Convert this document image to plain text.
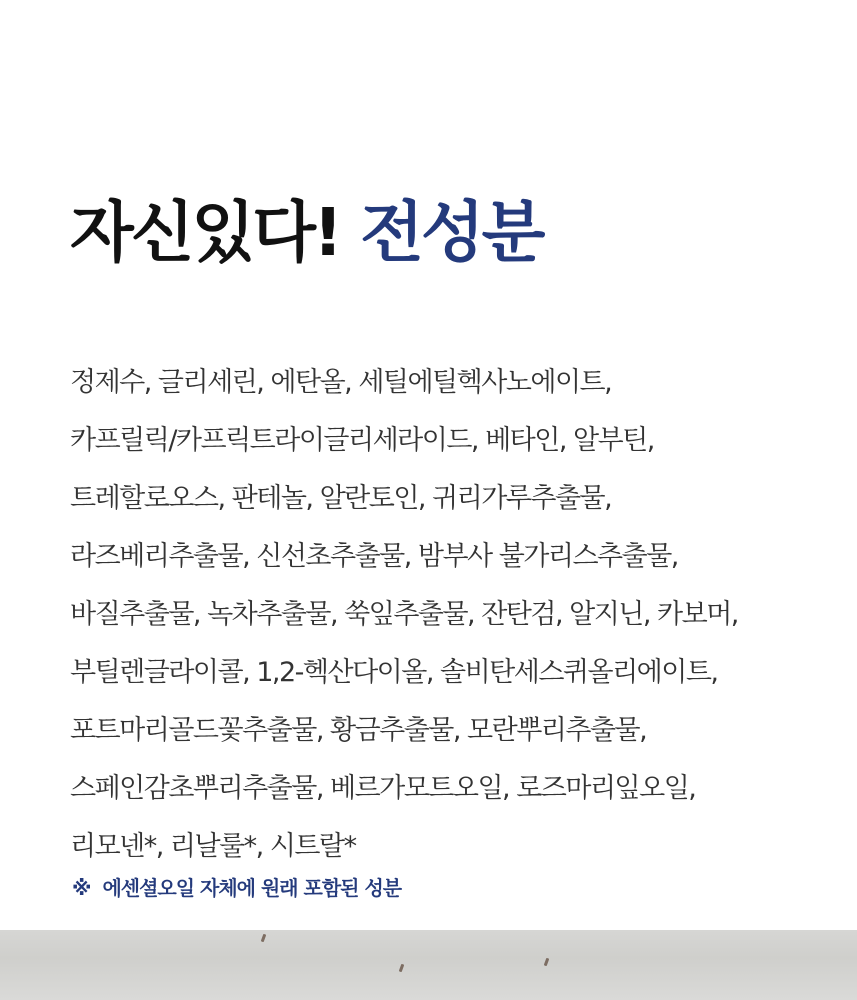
자신있다! 전성분
정제수, 글리세린, 에탄올, 세틸에틸헥사노에이트,
카프릴릭/카프릭트라이글리세라이드, 베타인, 알부틴,
트레할로오스, 판테놀, 알란토인, 귀리가루추출물,
라즈베리추출물, 신선초추출물, 밤부사 불가리스추출물,
바질추출물, 녹차추출물, 쑥잎추출물, 잔탄검, 알지닌, 카보머,
부틸렌글라이콜, 1,2-헥산다이올, 솔비탄세스퀴올리에이트,
포트마리골드꽃추출물, 황금추출물, 모란뿌리추출물,
스페인감초뿌리추출물, 베르가모트오일, 로즈마리잎오일,
리모넨*, 리날룰*, 시트랄*

※ 에센셜오일 자체에 원래 포함된 성분
